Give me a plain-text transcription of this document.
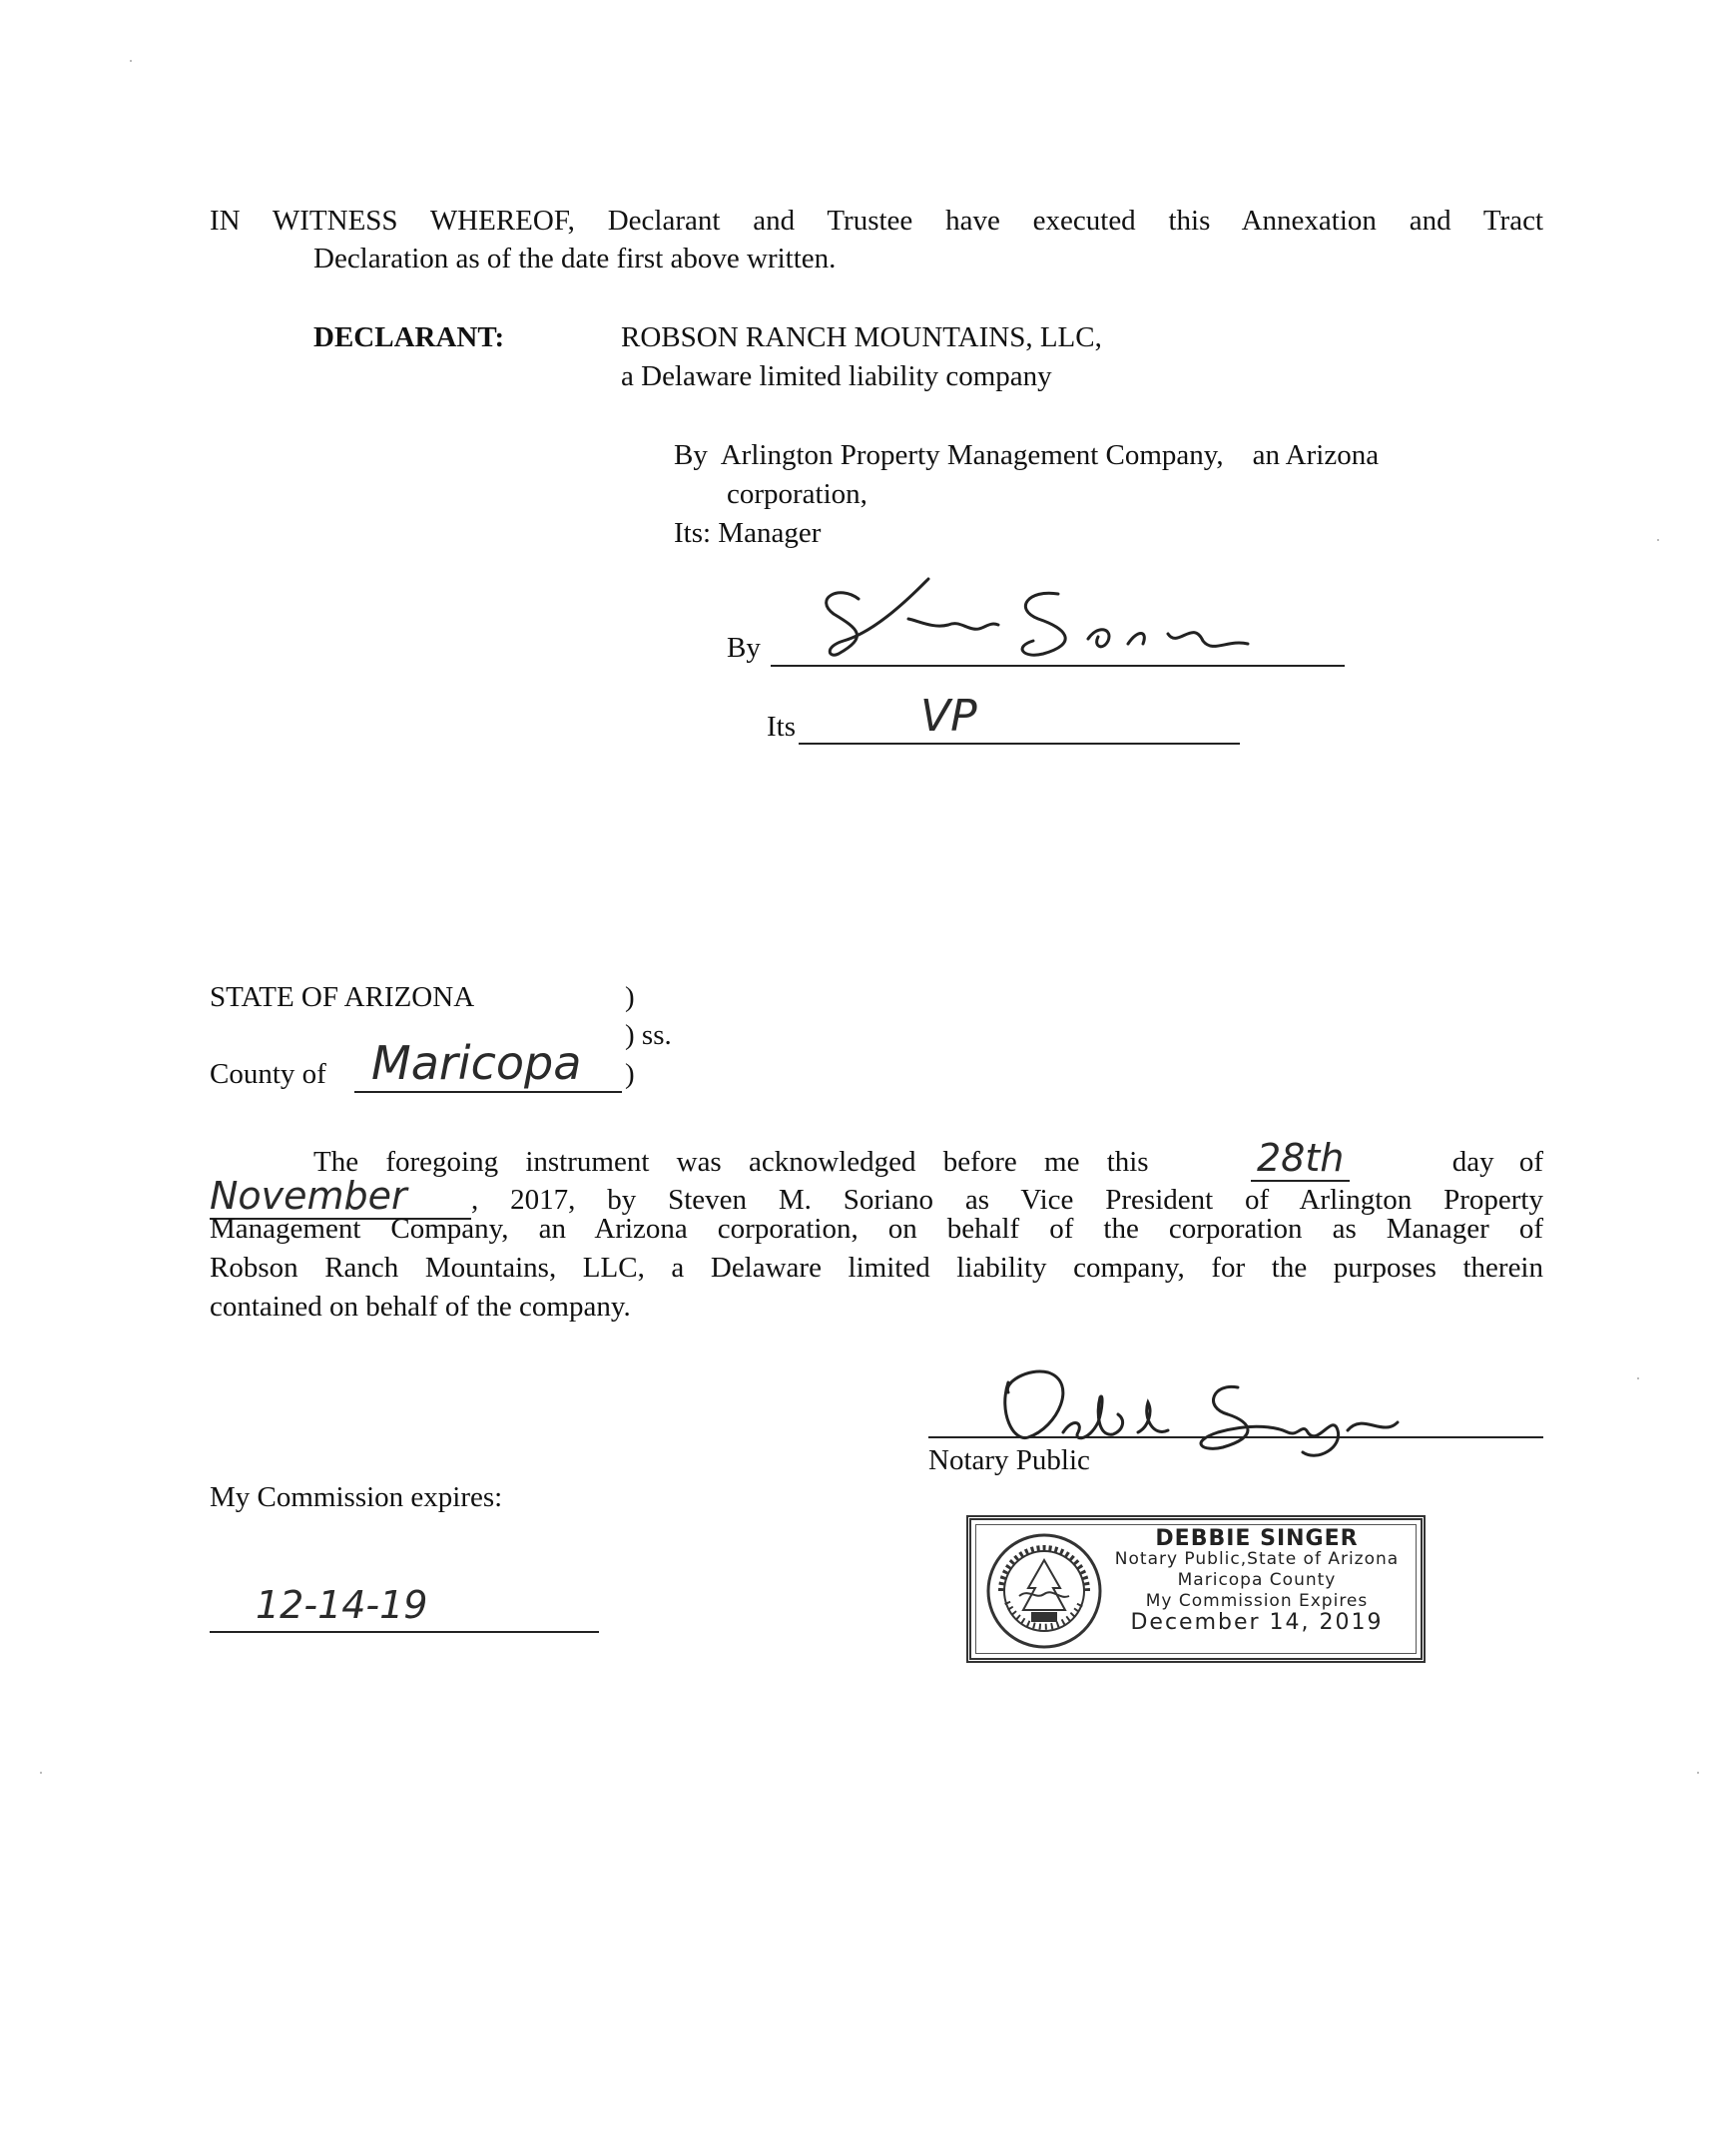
IN WITNESS WHEREOF, Declarant and Trustee have executed this Annexation and Tract
Declaration as of the date first above written.
DECLARANT:	ROBSON RANCH MOUNTAINS, LLC,
a Delaware limited liability company
By  Arlington Property Management Company,    an Arizona
corporation,
Its: Manager
By
Its	VP
STATE OF ARIZONA	)
) ss.
County of Maricopa )
The foregoing instrument was acknowledged before me this	28th	day of
November	, 2017, by Steven M. Soriano as Vice President of Arlington Property
Management Company, an Arizona corporation, on behalf of the corporation as Manager of
Robson Ranch Mountains, LLC, a Delaware limited liability company, for the purposes therein
contained on behalf of the company.
Notary Public
My Commission expires:
12-14-19
DEBBIE SINGER
Notary Public,State of Arizona
Maricopa County
My Commission Expires
December 14, 2019
